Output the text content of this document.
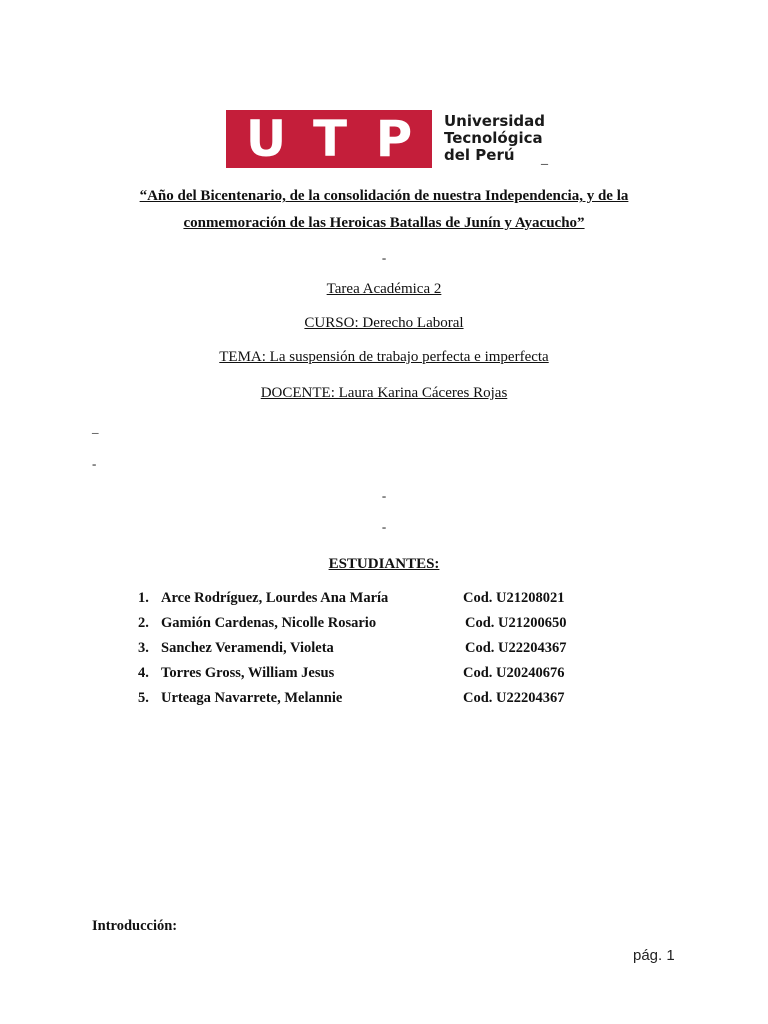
U T P	Universidad
Tecnológica
del Perú	_
“Año del Bicentenario, de la consolidación de nuestra Independencia, y de la
conmemoración de las Heroicas Batallas de Junín y Ayacucho”
-
Tarea Académica 2
CURSO: Derecho Laboral
TEMA: La suspensión de trabajo perfecta e imperfecta
DOCENTE: Laura Karina Cáceres Rojas
_
-
-
-
ESTUDIANTES:
1. Arce Rodríguez, Lourdes Ana María	Cod. U21208021
2. Gamión Cardenas, Nicolle Rosario	Cod. U21200650
3. Sanchez Veramendi, Violeta	Cod. U22204367
4. Torres Gross, William Jesus	Cod. U20240676
5. Urteaga Navarrete, Melannie	Cod. U22204367
Introducción:
pág. 1
